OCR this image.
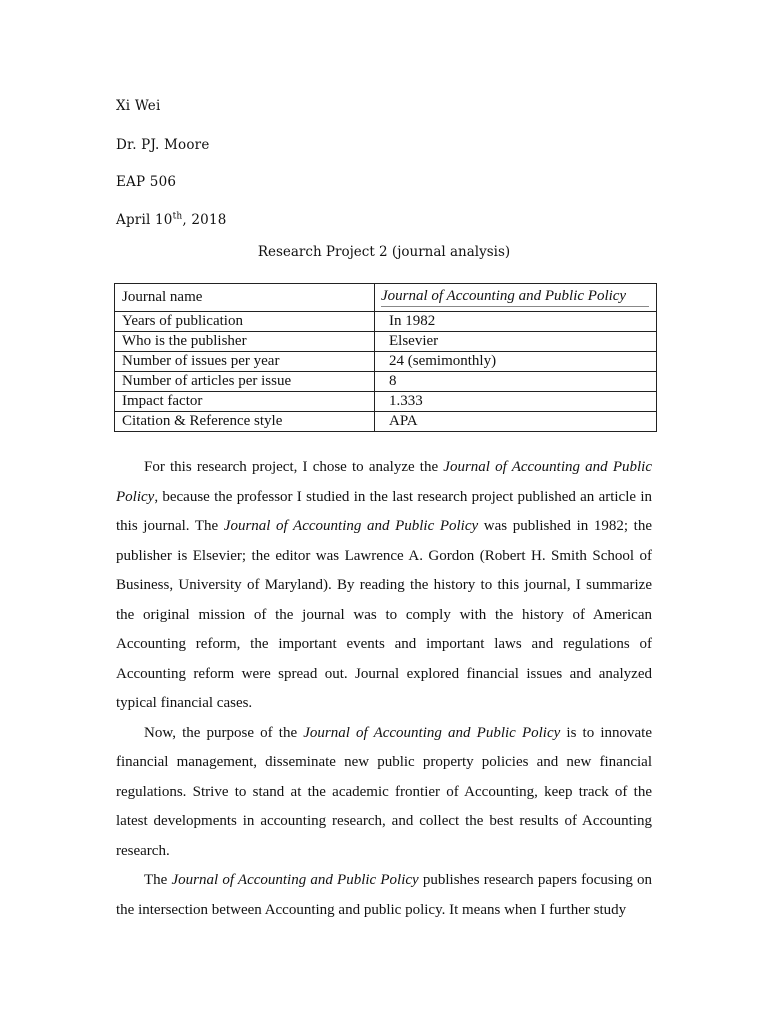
Xi Wei

Dr. PJ. Moore

EAP 506

April 10th, 2018

Research Project 2 (journal analysis)

Journal name	Journal of Accounting and Public Policy
Years of publication	In 1982
Who is the publisher	Elsevier
Number of issues per year	24 (semimonthly)
Number of articles per issue	8
Impact factor	1.333
Citation & Reference style	APA

For this research project, I chose to analyze the Journal of Accounting and Public Policy, because the professor I studied in the last research project published an article in this journal. The Journal of Accounting and Public Policy was published in 1982; the publisher is Elsevier; the editor was Lawrence A. Gordon (Robert H. Smith School of Business, University of Maryland). By reading the history to this journal, I summarize the original mission of the journal was to comply with the history of American Accounting reform, the important events and important laws and regulations of Accounting reform were spread out. Journal explored financial issues and analyzed typical financial cases.

Now, the purpose of the Journal of Accounting and Public Policy is to innovate financial management, disseminate new public property policies and new financial regulations. Strive to stand at the academic frontier of Accounting, keep track of the latest developments in accounting research, and collect the best results of Accounting research.

The Journal of Accounting and Public Policy publishes research papers focusing on the intersection between Accounting and public policy. It means when I further study
